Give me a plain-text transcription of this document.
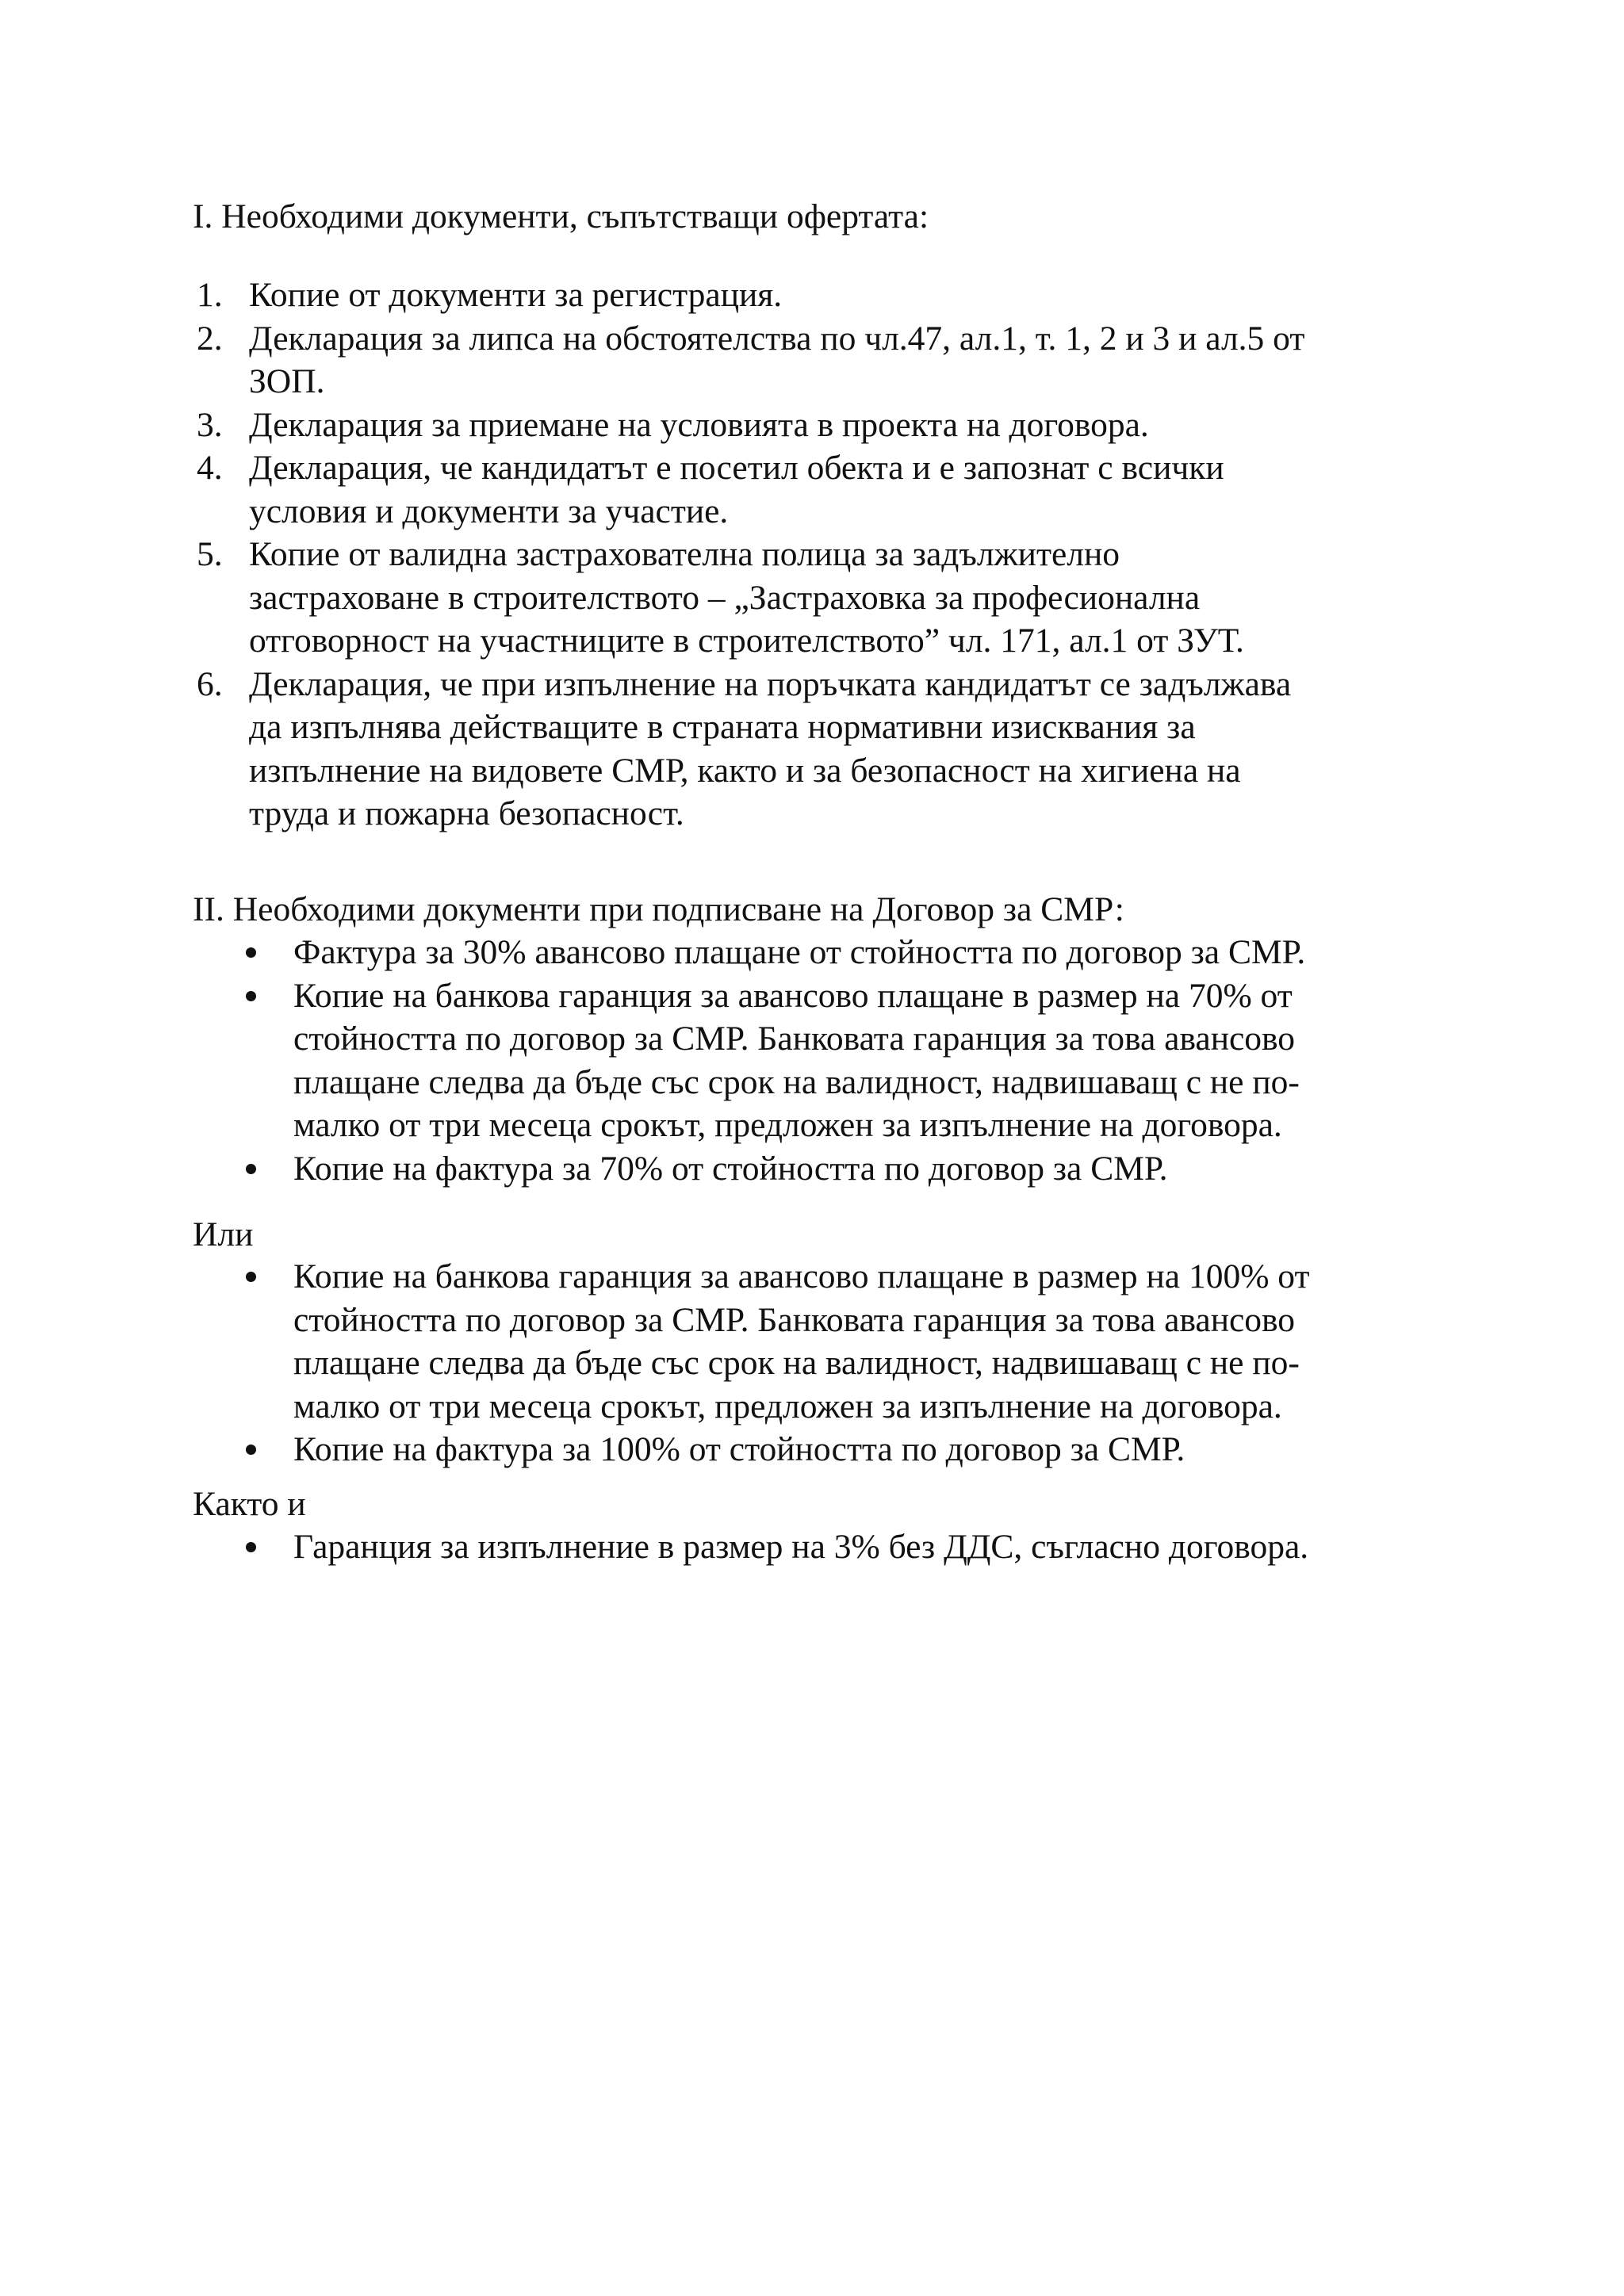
I. Необходими документи, съпътстващи офертата:
1. Копие от документи за регистрация.
2. Декларация за липса на обстоятелства по чл.47, ал.1, т. 1, 2 и 3 и ал.5 от
ЗОП.
3. Декларация за приемане на условията в проекта на договора.
4. Декларация, че кандидатът е посетил обекта и е запознат с всички
условия и документи за участие.
5. Копие от валидна застрахователна полица за задължително
застраховане в строителството – „Застраховка за професионална
отговорност на участниците в строителството” чл. 171, ал.1 от ЗУТ.
6. Декларация, че при изпълнение на поръчката кандидатът се задължава
да изпълнява действащите в страната нормативни изисквания за
изпълнение на видовете СМР, както и за безопасност на хигиена на
труда и пожарна безопасност.
II. Необходими документи при подписване на Договор за СМР:
Фактура за 30% авансово плащане от стойността по договор за СМР.
Копие на банкова гаранция за авансово плащане в размер на 70% от
стойността по договор за СМР. Банковата гаранция за това авансово
плащане следва да бъде със срок на валидност, надвишаващ с не по-
малко от три месеца срокът, предложен за изпълнение на договора.
Копие на фактура за 70% от стойността по договор за СМР.

Или

Копие на банкова гаранция за авансово плащане в размер на 100% от
стойността по договор за СМР. Банковата гаранция за това авансово
плащане следва да бъде със срок на валидност, надвишаващ с не по-
малко от три месеца срокът, предложен за изпълнение на договора.
Копие на фактура за 100% от стойността по договор за СМР.

Както и

Гаранция за изпълнение в размер на 3% без ДДС, съгласно договора.
